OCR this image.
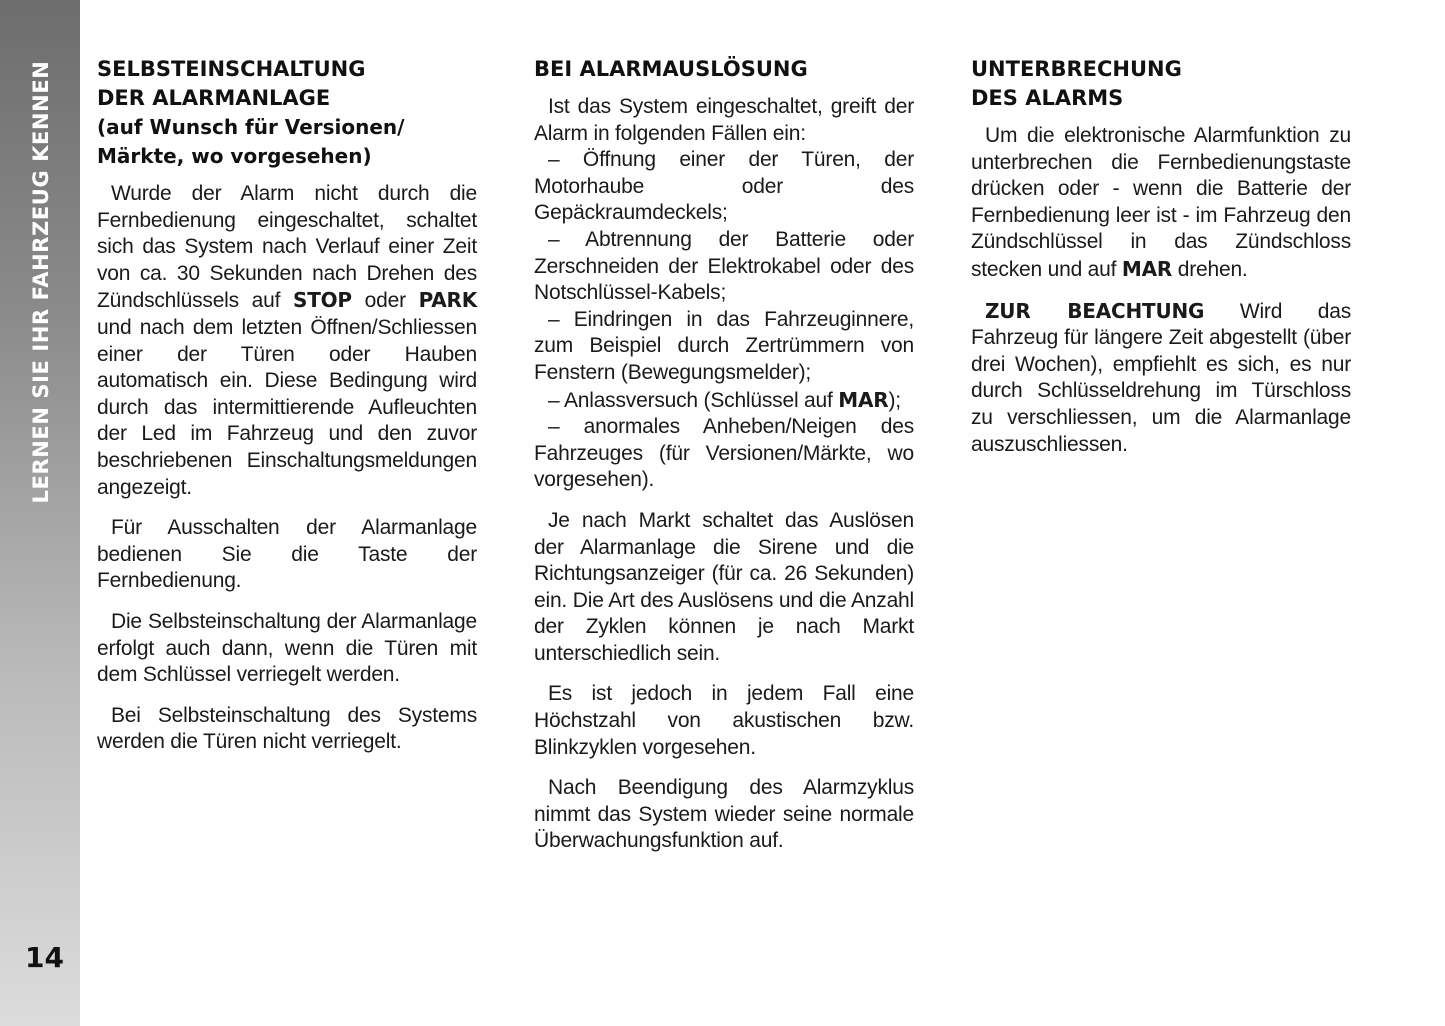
LERNEN SIE IHR FAHRZEUG KENNEN
14
SELBSTEINSCHALTUNG
DER ALARMANLAGE
(auf Wunsch für Versionen/
Märkte, wo vorgesehen)

Wurde der Alarm nicht durch die Fernbedienung eingeschaltet, schaltet sich das System nach Verlauf einer Zeit von ca. 30 Sekunden nach Drehen des Zündschlüssels auf STOP oder PARK und nach dem letzten Öffnen/Schliessen einer der Türen oder Hauben automatisch ein. Diese Bedingung wird durch das intermittierende Aufleuchten der Led im Fahrzeug und den zuvor beschriebenen Einschaltungsmeldungen angezeigt.

Für Ausschalten der Alarmanlage bedienen Sie die Taste der Fernbedienung.

Die Selbsteinschaltung der Alarmanlage erfolgt auch dann, wenn die Türen mit dem Schlüssel verriegelt werden.

Bei Selbsteinschaltung des Systems werden die Türen nicht verriegelt.

BEI ALARMAUSLÖSUNG

Ist das System eingeschaltet, greift der Alarm in folgenden Fällen ein:

– Öffnung einer der Türen, der Motorhaube oder des Gepäckraumdeckels;

– Abtrennung der Batterie oder Zerschneiden der Elektrokabel oder des Notschlüssel-Kabels;

– Eindringen in das Fahrzeuginnere, zum Beispiel durch Zertrümmern von Fenstern (Bewegungsmelder);

– Anlassversuch (Schlüssel auf MAR);

– anormales Anheben/Neigen des Fahrzeuges (für Versionen/Märkte, wo vorgesehen).

Je nach Markt schaltet das Auslösen der Alarmanlage die Sirene und die Richtungsanzeiger (für ca. 26 Sekunden) ein. Die Art des Auslösens und die Anzahl der Zyklen können je nach Markt unterschiedlich sein.

Es ist jedoch in jedem Fall eine Höchstzahl von akustischen bzw. Blinkzyklen vorgesehen.

Nach Beendigung des Alarmzyklus nimmt das System wieder seine normale Überwachungsfunktion auf.

UNTERBRECHUNG
DES ALARMS

Um die elektronische Alarmfunktion zu unterbrechen die Fernbedienungstaste drücken oder - wenn die Batterie der Fernbedienung leer ist - im Fahrzeug den Zündschlüssel in das Zündschloss stecken und auf MAR drehen.

ZUR BEACHTUNG Wird das Fahrzeug für längere Zeit abgestellt (über drei Wochen), empfiehlt es sich, es nur durch Schlüsseldrehung im Türschloss zu verschliessen, um die Alarmanlage auszuschliessen.
